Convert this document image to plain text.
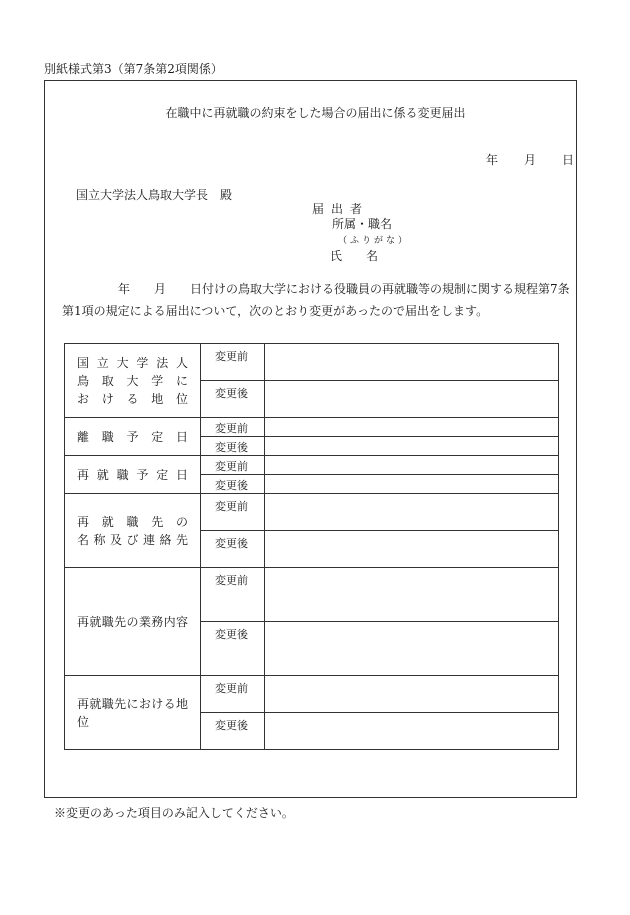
別紙様式第3（第7条第2項関係）
在職中に再就職の約束をした場合の届出に係る変更届出
年 月 日
国立大学法人鳥取大学長　殿
届出者
所属・職名
（ふりがな）
氏　　名
年　　月　　日付けの鳥取大学における役職員の再就職等の規制に関する規程第7条
第1項の規定による届出について，次のとおり変更があったので届出をします。
国立大学法人
鳥取大学に
おける地位	変更前	
	変更後	

離職予定日	変更前	
	変更後	

再就職予定日	変更前	
	変更後	

再就職先の
名称及び連絡先	変更前	
	変更後	

再就職先の業務内容	変更前	
	変更後	

再就職先における地位	変更前	
	変更後	
※変更のあった項目のみ記入してください。
